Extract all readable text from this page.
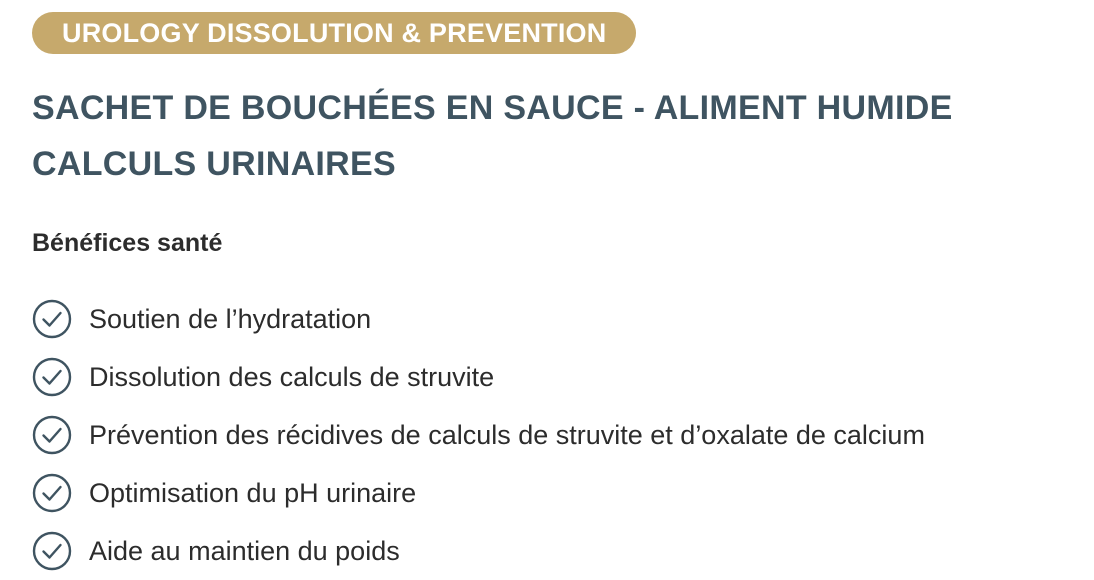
UROLOGY DISSOLUTION & PREVENTION
SACHET DE BOUCHÉES EN SAUCE - ALIMENT HUMIDE
CALCULS URINAIRES
Bénéfices santé
Soutien de l’hydratation
Dissolution des calculs de struvite
Prévention des récidives de calculs de struvite et d’oxalate de calcium
Optimisation du pH urinaire
Aide au maintien du poids
